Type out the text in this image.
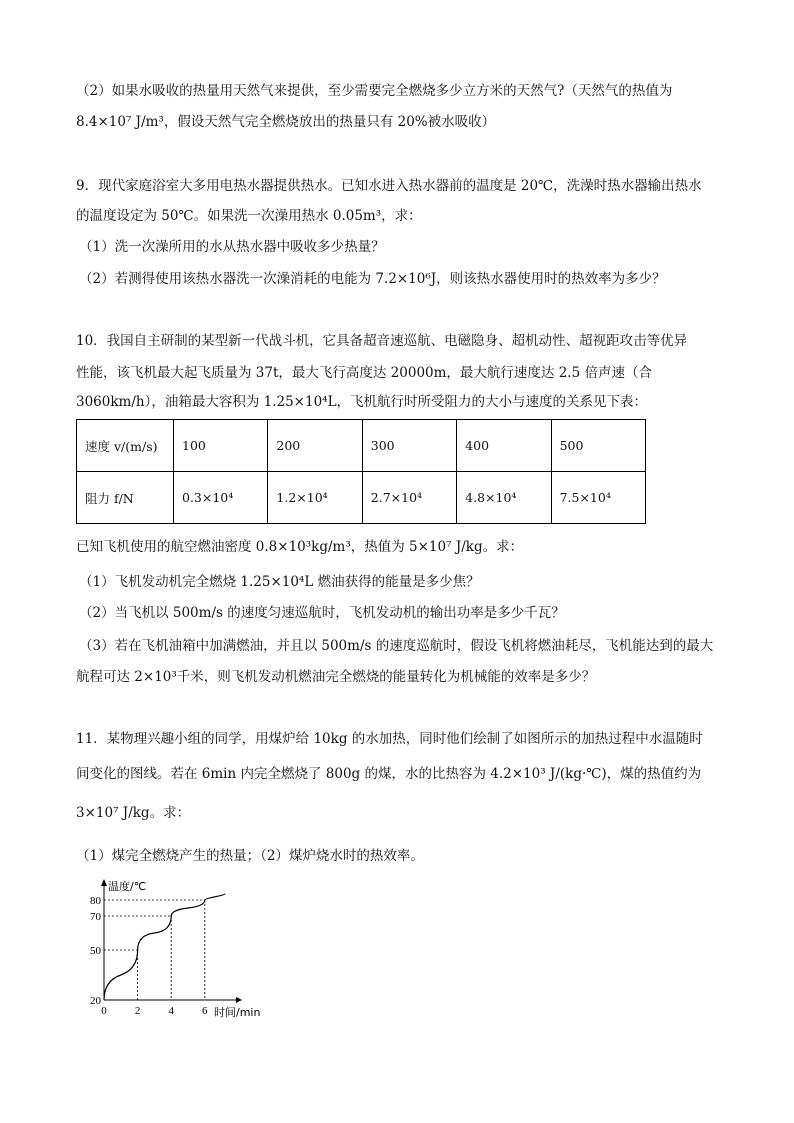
（2）如果水吸收的热量用天然气来提供，至少需要完全燃烧多少立方米的天然气?（天然气的热值为
8.4×10⁷ J/m³，假设天然气完全燃烧放出的热量只有 20%被水吸收）
9．现代家庭浴室大多用电热水器提供热水。已知水进入热水器前的温度是 20℃，洗澡时热水器输出热水
的温度设定为 50℃。如果洗一次澡用热水 0.05m³，求：
（1）洗一次澡所用的水从热水器中吸收多少热量？
（2）若测得使用该热水器洗一次澡消耗的电能为 7.2×10⁶J，则该热水器使用时的热效率为多少？
10．我国自主研制的某型新一代战斗机，它具备超音速巡航、电磁隐身、超机动性、超视距攻击等优异
性能，该飞机最大起飞质量为 37t，最大飞行高度达 20000m，最大航行速度达 2.5 倍声速（合
3060km/h），油箱最大容积为 1.25×10⁴L，飞机航行时所受阻力的大小与速度的关系见下表：
速度 v/(m/s)	100	200	300	400	500
阻力 f/N	0.3×10⁴	1.2×10⁴	2.7×10⁴	4.8×10⁴	7.5×10⁴
已知飞机使用的航空燃油密度 0.8×10³kg/m³，热值为 5×10⁷ J/kg。求：
（1）飞机发动机完全燃烧 1.25×10⁴L 燃油获得的能量是多少焦？
（2）当飞机以 500m/s 的速度匀速巡航时，飞机发动机的输出功率是多少千瓦？
（3）若在飞机油箱中加满燃油，并且以 500m/s 的速度巡航时，假设飞机将燃油耗尽，飞机能达到的最大
航程可达 2×10³千米，则飞机发动机燃油完全燃烧的能量转化为机械能的效率是多少？
11．某物理兴趣小组的同学，用煤炉给 10kg 的水加热，同时他们绘制了如图所示的加热过程中水温随时
间变化的图线。若在 6min 内完全燃烧了 800g 的煤，水的比热容为 4.2×10³ J/(kg·℃)，煤的热值约为
3×10⁷ J/kg。求：
（1）煤完全燃烧产生的热量；（2）煤炉烧水时的热效率。
温度/℃
时间/min
20
50
70
80
0	2	4	6
